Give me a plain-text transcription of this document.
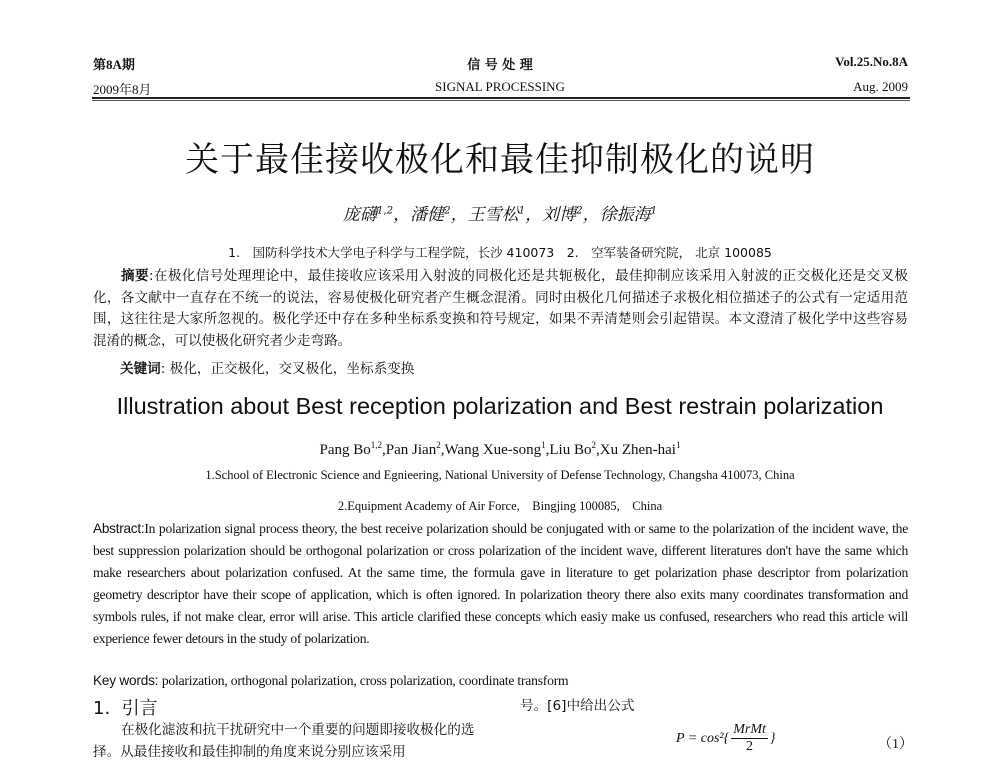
第8A期
2009年8月
信 号 处 理
SIGNAL PROCESSING
Vol.25.No.8A
Aug. 2009
关于最佳接收极化和最佳抑制极化的说明
庞礴$^{1,2}$，潘健$^2$，王雪松$^1$，刘博$^2$，徐振海$^1$
1.　国防科学技术大学电子科学与工程学院，长沙 410073　2.　空军装备研究院， 北京 100085
摘要:在极化信号处理理论中，最佳接收应该采用入射波的同极化还是共轭极化，最佳抑制应该采用入射波的正交极化还是交叉极化，各文献中一直存在不统一的说法，容易使极化研究者产生概念混淆。同时由极化几何描述子求极化相位描述子的公式有一定适用范围，这往往是大家所忽视的。极化学还中存在多种坐标系变换和符号规定，如果不弄清楚则会引起错误。本文澄清了极化学中这些容易混淆的概念，可以使极化研究者少走弯路。
关键词: 极化，正交极化，交叉极化，坐标系变换
Illustration about Best reception polarization and Best restrain polarization
Pang Bo$^{1,2}$,Pan Jian$^2$,Wang Xue-song$^1$,Liu Bo$^2$,Xu Zhen-hai$^1$
1.School of Electronic Science and Egnieering, National University of Defense Technology, Changsha 410073, China
2.Equipment Academy of Air Force,　Bingjing 100085,　China
Abstract:In polarization signal process theory, the best receive polarization should be conjugated with or same to the polarization of the incident wave, the best suppression polarization should be orthogonal polarization or cross polarization of the incident wave, different literatures don't have the same which make researchers about polarization confused. At the same time, the formula gave in literature to get polarization phase descriptor from polarization geometry descriptor have their scope of application, which is often ignored. In polarization theory there also exits many coordinates transformation and symbols rules, if not make clear, error will arise. This article clarified these concepts which easiy make us confused, researchers who read this article will experience fewer detours in the study of polarization.
Key words: polarization, orthogonal polarization, cross polarization, coordinate transform
1. 引言
在极化滤波和抗干扰研究中一个重要的问题即接收极化的选择。从最佳接收和最佳抑制的角度来说分别应该采用
号。[6]中给出公式
$P = \cos^2\{ \frac{\text{MrMt}}{2}$ }	（1）
